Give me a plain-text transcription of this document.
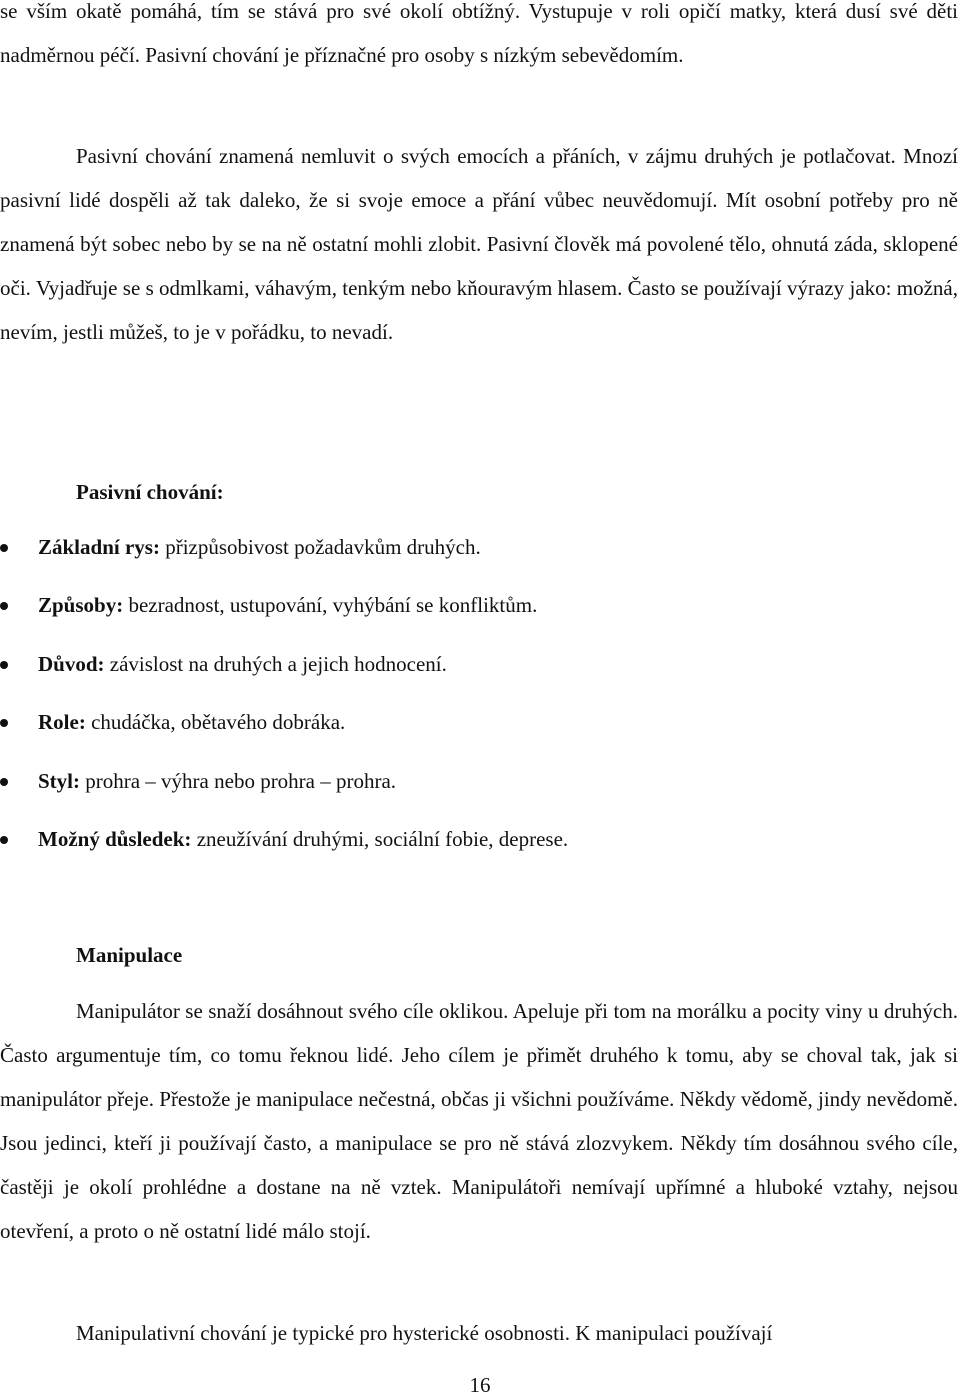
se vším okatě pomáhá, tím se stává pro své okolí obtížný. Vystupuje v roli opičí matky, která dusí své děti nadměrnou péčí. Pasivní chování je příznačné pro osoby s nízkým sebevědomím.

Pasivní chování znamená nemluvit o svých emocích a přáních, v zájmu druhých je potlačovat. Mnozí pasivní lidé dospěli až tak daleko, že si svoje emoce a přání vůbec neuvědomují. Mít osobní potřeby pro ně znamená být sobec nebo by se na ně ostatní mohli zlobit. Pasivní člověk má povolené tělo, ohnutá záda, sklopené oči. Vyjadřuje se s odmlkami, váhavým, tenkým nebo kňouravým hlasem. Často se používají výrazy jako: možná, nevím, jestli můžeš, to je v pořádku, to nevadí.

Pasivní chování:
Základní rys: přizpůsobivost požadavkům druhých.
Způsoby: bezradnost, ustupování, vyhýbání se konfliktům.
Důvod: závislost na druhých a jejich hodnocení.
Role: chudáčka, obětavého dobráka.
Styl: prohra – výhra nebo prohra – prohra.
Možný důsledek: zneužívání druhými, sociální fobie, deprese.
Manipulace

Manipulátor se snaží dosáhnout svého cíle oklikou. Apeluje při tom na morálku a pocity viny u druhých. Často argumentuje tím, co tomu řeknou lidé. Jeho cílem je přimět druhého k tomu, aby se choval tak, jak si manipulátor přeje. Přestože je manipulace nečestná, občas ji všichni používáme. Někdy vědomě, jindy nevědomě. Jsou jedinci, kteří ji používají často, a manipulace se pro ně stává zlozvykem. Někdy tím dosáhnou svého cíle, častěji je okolí prohlédne a dostane na ně vztek. Manipulátoři nemívají upřímné a hluboké vztahy, nejsou otevření, a proto o ně ostatní lidé málo stojí.

Manipulativní chování je typické pro hysterické osobnosti. K manipulaci používají

16
